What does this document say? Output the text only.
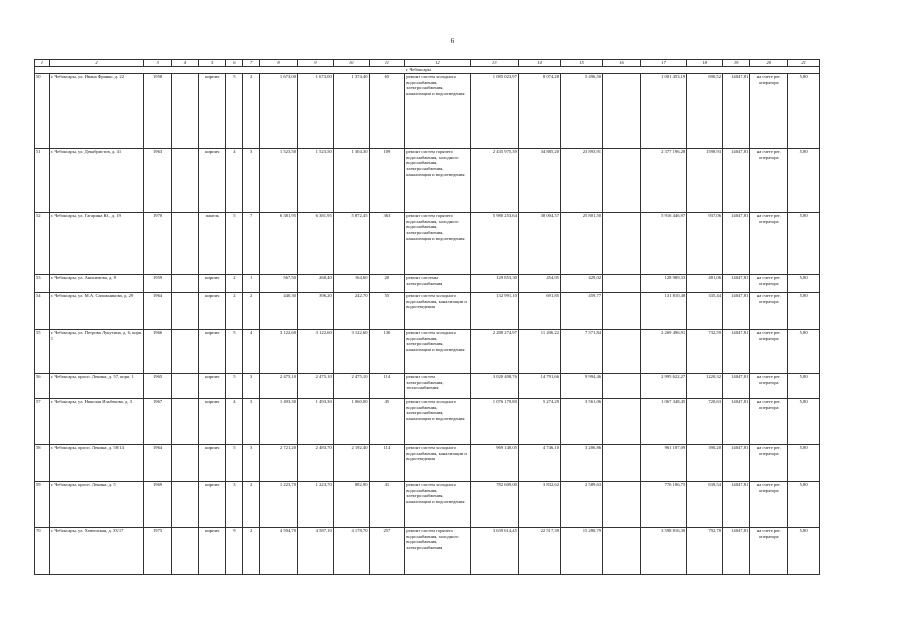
6
1	2	3	4	5	6	7	8	9	10	11	12	13	14	15	16	17	18	19	20	21
											г. Чебоксары									
50	г. Чебоксары, ул. Ивана Франко, д. 22	1958		кирпич	5	2	1 673,00	1 673,00	1 374,40	65	ремонт систем холодного водоснабжения, электроснабжения, канализации и водоотведения	1 085 023,97	8 074,28	5 496,50		1 001 453,19	690,52	14047,81	на счете рег. оператора	5,80
51	г. Чебоксары, ул. Декабристов, д. 41	1963		кирпич	4	3	1 523,50	1 523,50	1 304,30	109	ремонт систем горячего водоснабжения, холодного водоснабжения, электроснабжения, канализации и водоотведения	2 435 975,39	34 885,20	23 893,91		2 377 196,28	1598,93	14047,81	на счете рег. оператора	5,80
52	г. Чебоксары, ул. Гагарина Ю., д. 19	1970		панель	5	7	6 381,95	6 381,95	5 872,45	363	ремонт систем горячего водоснабжения, холодного водоснабжения, электроснабжения, канализации и водоотведения	5 980 253,64	38 004,57	25 801,50		5 916 446,97	937,06	14047,81	на счете рег. оператора	5,80
53	г. Чебоксары, ул. Анисимова, д. 8	1959		кирпич	2	1	567,50	268,40	164,60	20	ремонт системы электроснабжения	129 853,30	454,95	429,02		128 989,33	481,06	14047,81	на счете рег. оператора	5,80
54	г. Чебоксары, ул. М.А. Сапожникова, д. 29	1964		кирпич	2	2	440,30	396,20	242,70	55	ремонт систем холодного водоснабжения, канализации и водоотведения	132 991,10	691,85	459,77		131 810,48	335,44	14047,81	на счете рег. оператора	5,80
55	г. Чебоксары, ул. Петрова Лукутина, д. 6, корп. 1	1966		кирпич	5	4	3 122,60	3 122,60	3 122,60	130	ремонт систем холодного водоснабжения, электроснабжения, канализации и водоотведения	2 288 274,97	11 206,22	7 571,84		2 269 496,91	732,59	14047,81	на счете рег. оператора	5,80
56	г. Чебоксары, просп. Ленина, д. 57, корп. 1	1965		кирпич	5	3	2 475,10	2 475,10	2 475,10	114	ремонт систем электроснабжения, теплоснабжения	3 020 408,76	14 791,66	9 994,46		2 995 622,27	1220,32	14047,81	на счете рег. оператора	5,80
57	г. Чебоксары, ул. Николая Ильбекова, д. 3	1967		кирпич	4	3	1 493,30	1 493,30	1 060,00	45	ремонт систем холодного водоснабжения, электроснабжения, канализации и водоотведения	1 076 179,80	5 274,29	3 561,06		1 067 348,45	720,63	14047,81	на счете рег. оператора	5,80
58	г. Чебоксары, просп. Ленина, д. 58/14	1964		кирпич	5	3	2 721,20	2 483,70	2 192,40	114	ремонт систем холодного водоснабжения, канализации и водоотведения	969 140,05	4 746,10	3 206,86		961 187,09	390,20	14047,81	на счете рег. оператора	5,80
59	г. Чебоксары, просп. Ленина, д. 5	1969		кирпич	3	2	1 223,70	1 223,70	882,90	41	ремонт систем холодного водоснабжения, электроснабжения, канализации и водоотведения	782 609,00	3 832,62	2 589,63		776 186,75	639,54	14047,81	на счете рег. оператора	5,80
70	г. Чебоксары, ул. Хевешская, д. 33/17	1975		кирпич	9	2	4 594,70	4 587,10	4 178,70	257	ремонт систем горячего водоснабжения, холодного водоснабжения, электроснабжения	3 639 614,45	22 517,39	15 280,79		3 598 816,30	792,78	14047,81	на счете рег. оператора	5,80
